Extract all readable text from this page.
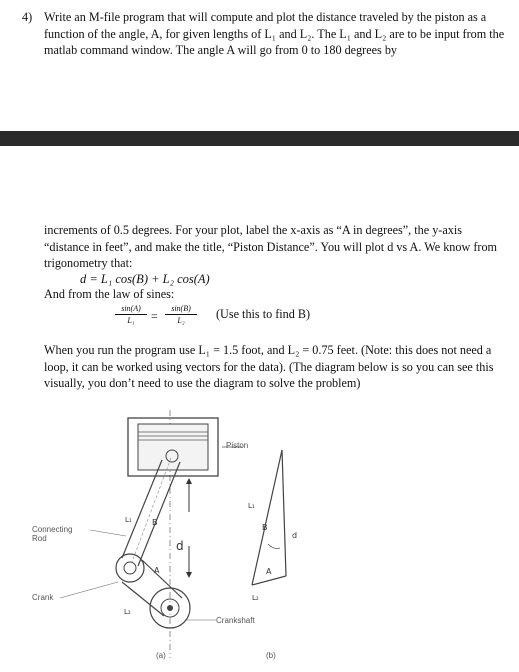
4) Write an M-file program that will compute and plot the distance traveled by the piston as a function of the angle, A, for given lengths of L₁ and L₂. The L₁ and L₂ are to be input from the matlab command window. The angle A will go from 0 to 180 degrees by
increments of 0.5 degrees. For your plot, label the x-axis as “A in degrees”, the y-axis “distance in feet”, and make the title, “Piston Distance”. You will plot d vs A. We know from trigonometry that:
d = L₁ cos(B) + L₂ cos(A)
And from the law of sines:
$\frac{\sin(A)}{\text{L₁}} = \frac{\sin(B)}{\text{L₂}} (Use$ this to find B)
When you run the program use L₁ = 1.5 foot, and L₂ = 0.75 feet. (Note: this does not need a loop, it can be worked using vectors for the data). (The diagram below is so you can see this visually, you don’t need to use the diagram to solve the problem)
Piston
B
A
L₁
L₂
d
Connecting Rod
Crank
L₁
B
A
d
L₂
Crankshaft
(a)	(b)
